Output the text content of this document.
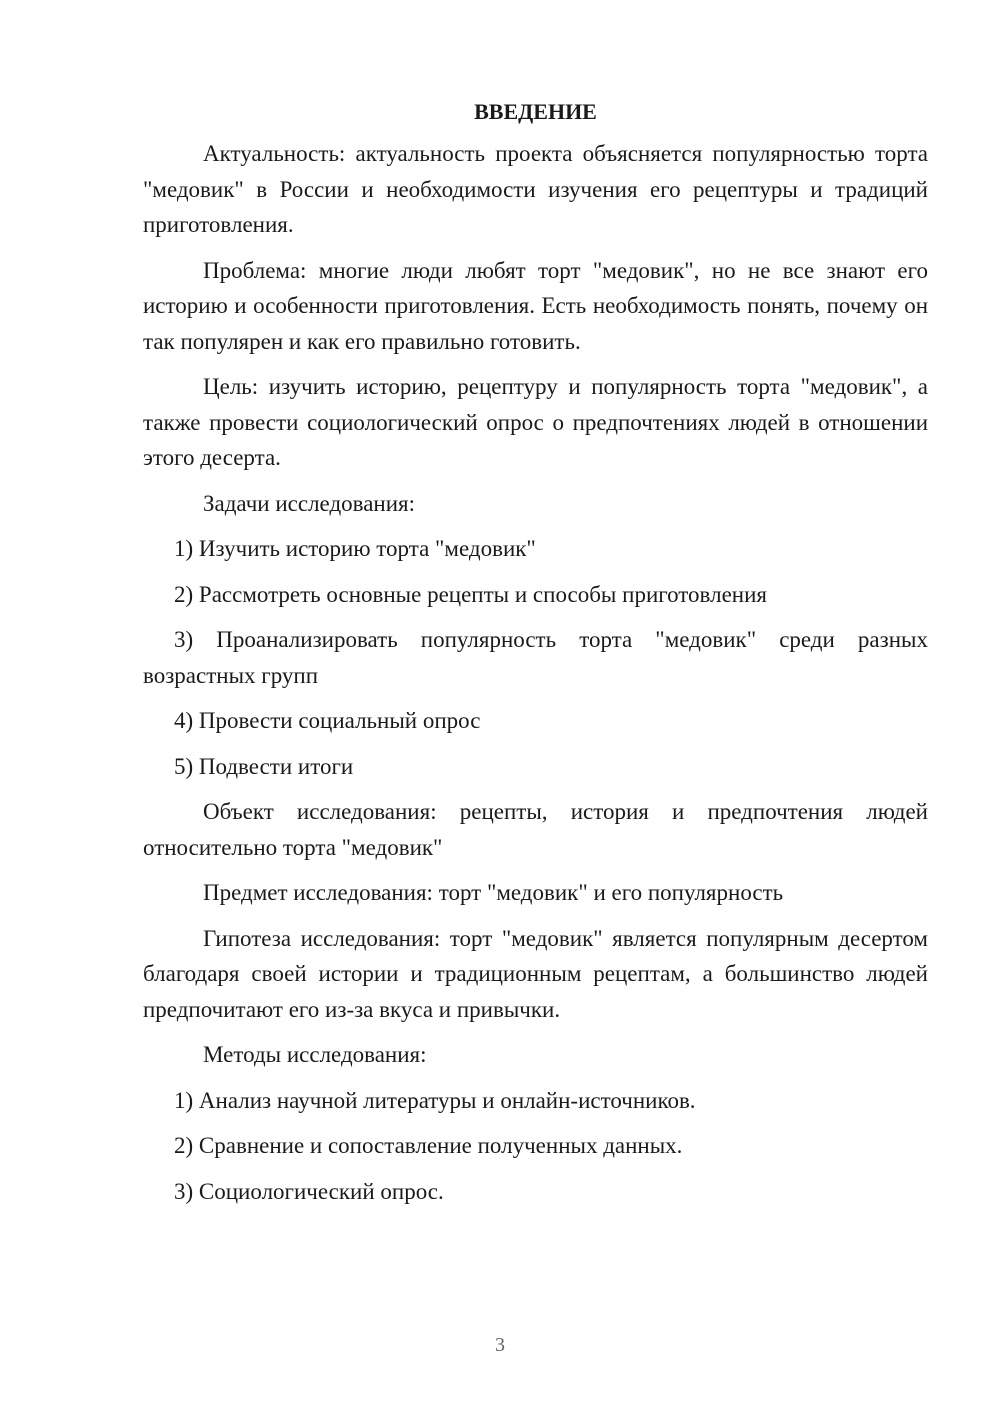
ВВЕДЕНИЕ

Актуальность: актуальность проекта объясняется популярностью торта "медовик" в России и необходимости изучения его рецептуры и традиций приготовления.

Проблема: многие люди любят торт "медовик", но не все знают его историю и особенности приготовления. Есть необходимость понять, почему он так популярен и как его правильно готовить.

Цель: изучить историю, рецептуру и популярность торта "медовик", а также провести социологический опрос о предпочтениях людей в отношении этого десерта.

Задачи исследования:

1) Изучить историю торта "медовик"

2) Рассмотреть основные рецепты и способы приготовления

3) Проанализировать популярность торта "медовик" среди разных возрастных групп

4) Провести социальный опрос

5) Подвести итоги

Объект исследования: рецепты, история и предпочтения людей относительно торта "медовик"

Предмет исследования: торт "медовик" и его популярность

Гипотеза исследования: торт "медовик" является популярным десертом благодаря своей истории и традиционным рецептам, а большинство людей предпочитают его из-за вкуса и привычки.

Методы исследования:

1) Анализ научной литературы и онлайн-источников.

2) Сравнение и сопоставление полученных данных.

3) Социологический опрос.

3
